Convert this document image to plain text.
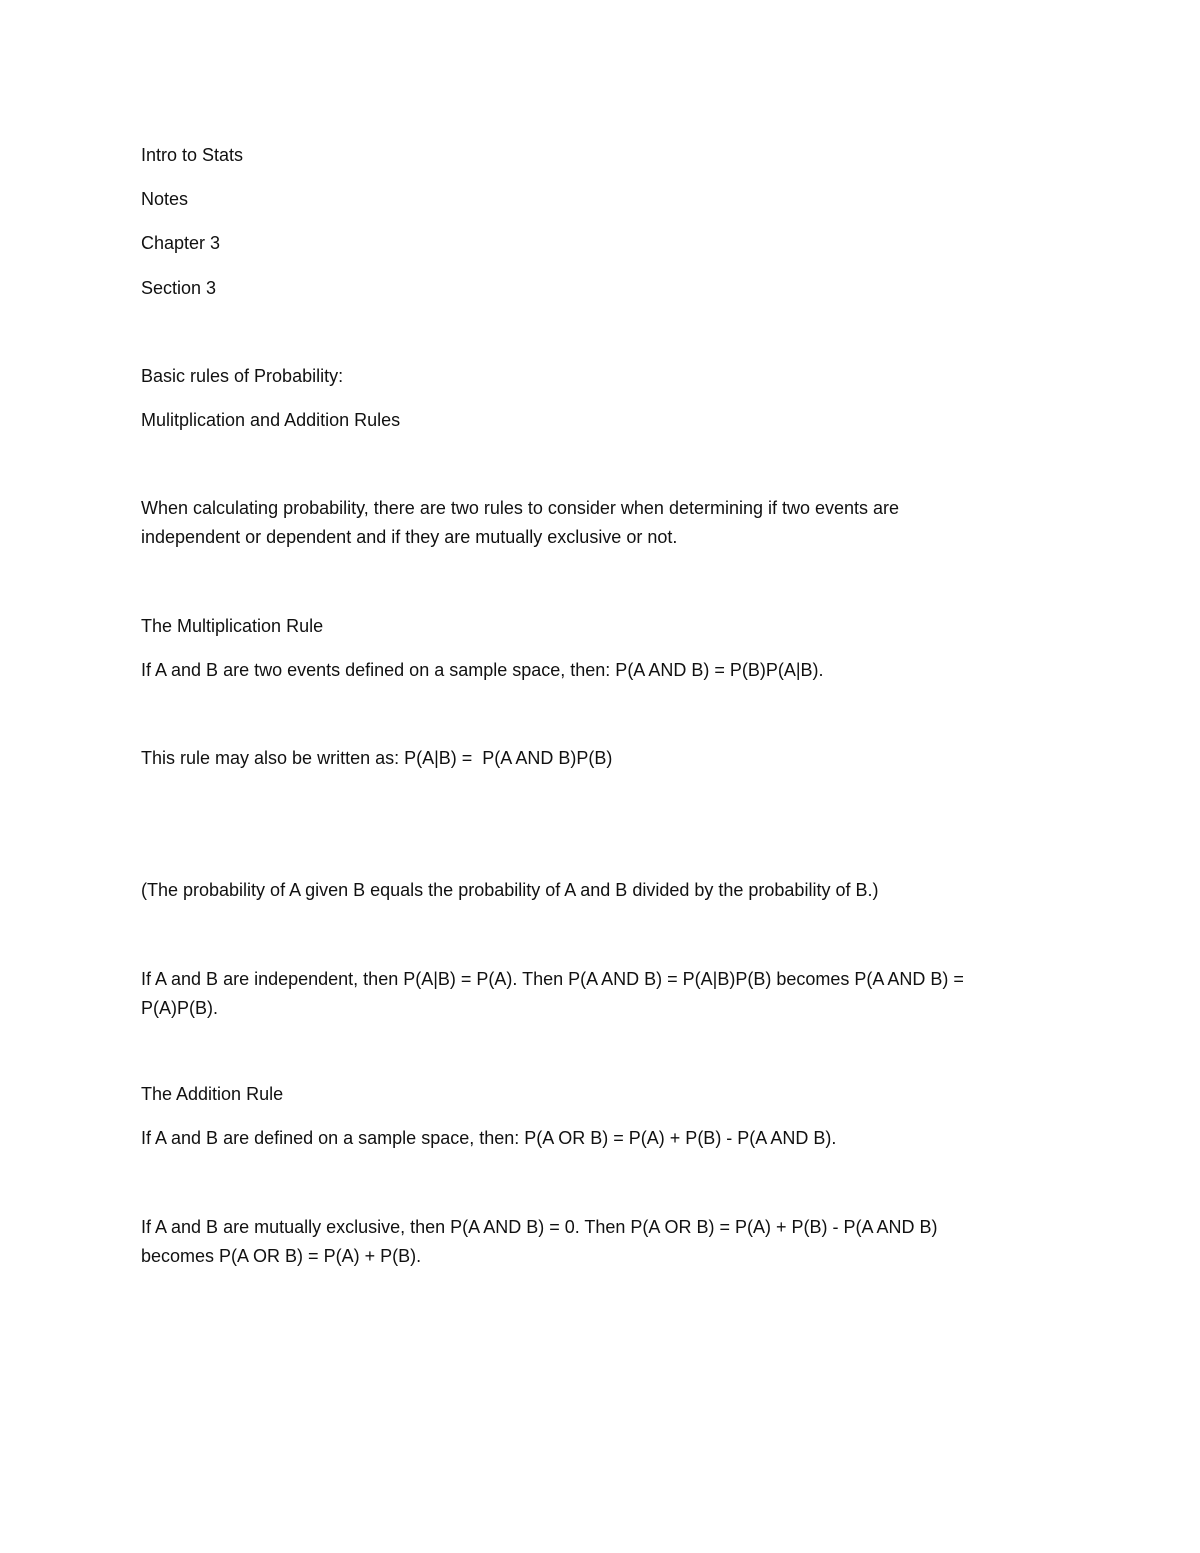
Intro to Stats
Notes
Chapter 3
Section 3
Basic rules of Probability:
Mulitplication and Addition Rules
When calculating probability, there are two rules to consider when determining if two events are
independent or dependent and if they are mutually exclusive or not.
The Multiplication Rule
If A and B are two events defined on a sample space, then: P(A AND B) = P(B)P(A|B).
This rule may also be written as: P(A|B) =  P(A AND B)P(B)
(The probability of A given B equals the probability of A and B divided by the probability of B.)
If A and B are independent, then P(A|B) = P(A). Then P(A AND B) = P(A|B)P(B) becomes P(A AND B) =
P(A)P(B).
The Addition Rule
If A and B are defined on a sample space, then: P(A OR B) = P(A) + P(B) - P(A AND B).
If A and B are mutually exclusive, then P(A AND B) = 0. Then P(A OR B) = P(A) + P(B) - P(A AND B)
becomes P(A OR B) = P(A) + P(B).
